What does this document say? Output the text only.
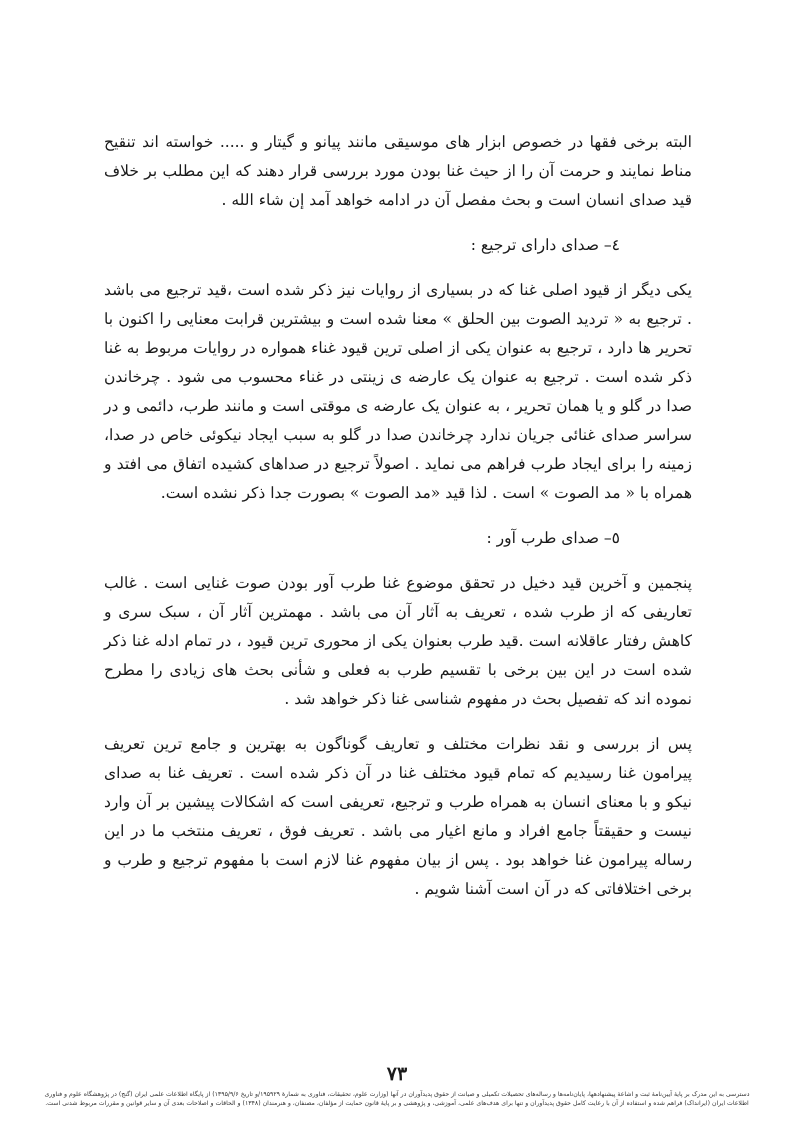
البته برخی فقها در خصوص ابزار های موسیقی مانند پیانو و گیتار و ..... خواسته اند تنقیح مناط نمایند و حرمت آن را از حیث غنا بودن مورد بررسی قرار دهند که این مطلب بر خلاف قید صدای انسان است و بحث مفصل آن در ادامه خواهد آمد إن شاء الله .

٤– صدای دارای ترجیع :

یکی دیگر از قیود اصلی غنا که در بسیاری از روایات نیز ذکر شده است ،قید ترجیع می باشد . ترجیع به « ترديد الصوت بين الحلق » معنا شده است و بیشترین قرابت معنایی را اکنون با تحریر ها دارد ، ترجیع به عنوان یکی از اصلی ترین قیود غناء همواره در روایات مربوط به غنا ذکر شده است . ترجیع به عنوان یک عارضه ی زینتی در غناء محسوب می شود . چرخاندن صدا در گلو و یا همان تحریر ، به عنوان یک عارضه ی موقتی است و مانند طرب، دائمی و در سراسر صدای غنائی جریان ندارد چرخاندن صدا در گلو به سبب ایجاد نیکوئی خاص در صدا، زمینه را برای ایجاد طرب فراهم می نماید . اصولاً ترجیع در صداهای کشیده اتفاق می افتد و همراه با « مد الصوت » است . لذا قید «مد الصوت » بصورت جدا ذکر نشده است.

٥– صدای طرب آور :

پنجمین و آخرین قید دخیل در تحقق موضوع غنا طرب آور بودن صوت غنایی است . غالب تعاریفی که از طرب شده ، تعریف به آثار آن می باشد . مهمترین آثار آن ، سبک سری و کاهش رفتار عاقلانه است .قید طرب بعنوان یکی از محوری ترین قیود ، در تمام ادله غنا ذکر شده است در این بین برخی با تقسیم طرب به فعلی و شأنی بحث های زیادی را مطرح نموده اند که تفصیل بحث در مفهوم شناسی غنا ذکر خواهد شد .

پس از بررسی و نقد نظرات مختلف و تعاریف گوناگون به بهترین و جامع ترین تعریف پیرامون غنا رسیدیم که تمام قیود مختلف غنا در آن ذکر شده است . تعریف غنا به صدای نیکو و با معنای انسان به همراه طرب و ترجیع، تعریفی است که اشکالات پیشین بر آن وارد نیست و حقیقتاً جامع افراد و مانع اغیار می باشد . تعریف فوق ، تعریف منتخب ما در این رساله پیرامون غنا خواهد بود . پس از بیان مفهوم غنا لازم است با مفهوم ترجیع و طرب و برخی اختلافاتی که در آن است آشنا شویم .

٧٣
دسترسی به این مدرک بر پایهٔ آیین‌نامهٔ ثبت و اشاعهٔ پیشنهادهها، پایان‌نامه‌ها و رساله‌های تحصیلات تکمیلی و صیانت از حقوق پدیدآوران در آنها (وزارت علوم، تحقیقات، فناوری به شمارهٔ ۱۹۵۹۲۹/و تاریخ ۱۳۹۵/۹/۶) از پایگاه اطلاعات علمی ایران (گنج) در پژوهشگاه علوم و فناوری
اطلاعات ایران (ایرانداک) فراهم شده و استفاده از آن با رعایت کامل حقوق پدیدآوران و تنها برای هدف‌های علمی، آموزشی، و پژوهشی و بر پایهٔ قانون حمایت از مؤلفان، مصنفان، و هنرمندان (۱۳۴۸) و الحاقات و اصلاحات بعدی آن و سایر قوانین و مقررات مربوط شدنی است.
